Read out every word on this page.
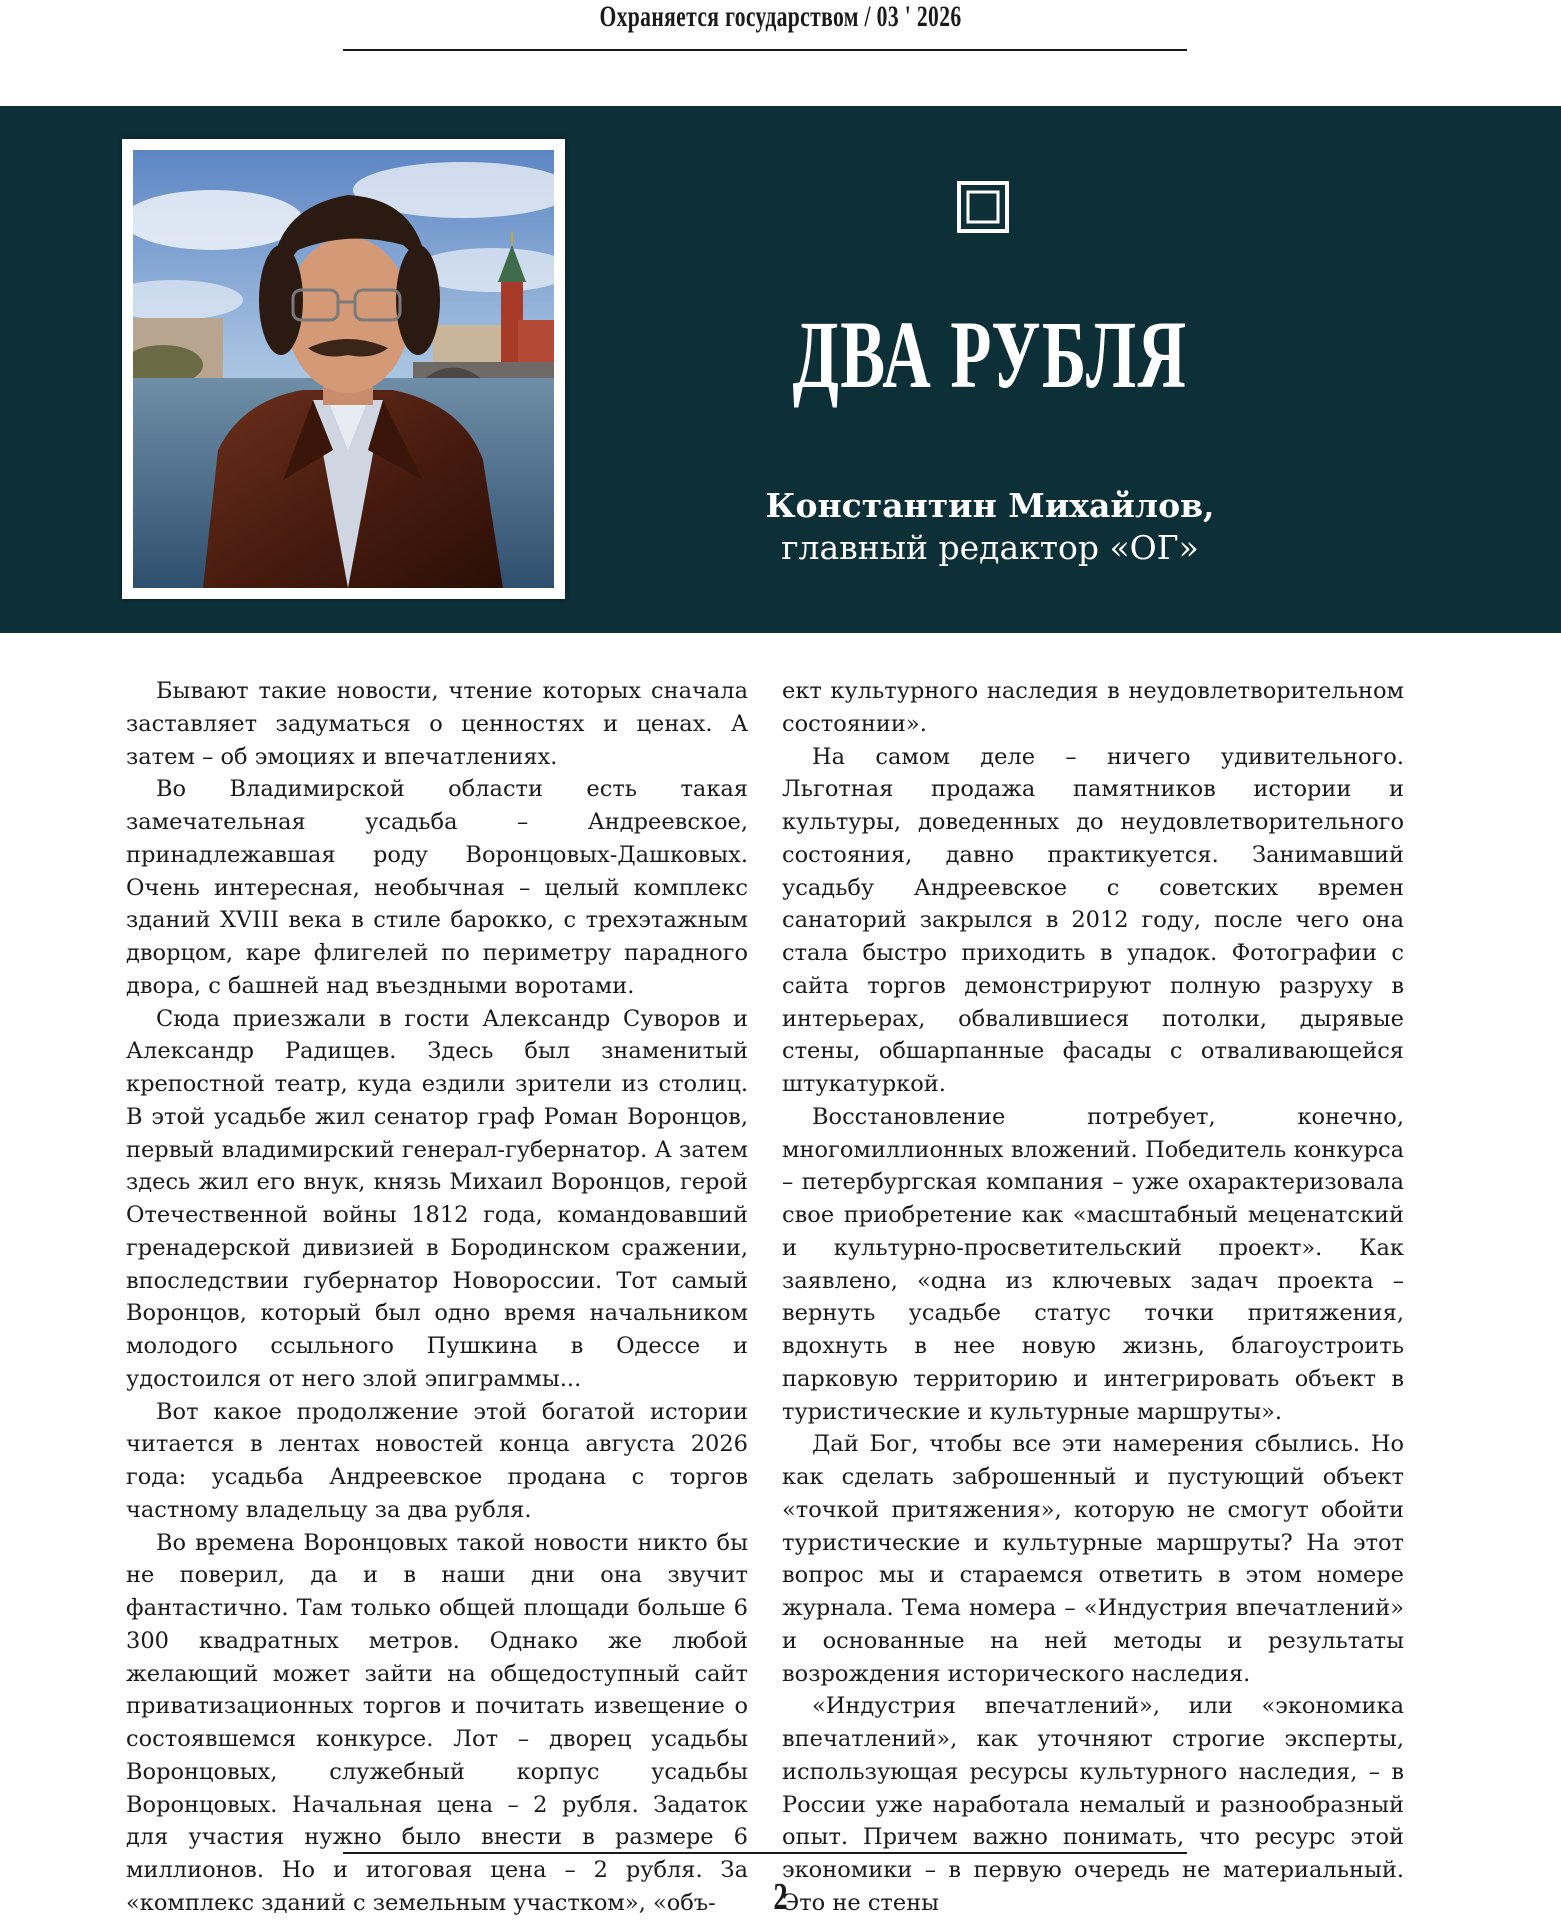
Охраняется государством / 03 ' 2026
ДВА РУБЛЯ
Константин Михайлов,
главный редактор «ОГ»

Бывают такие новости, чтение которых сначала заставляет задуматься о ценностях и ценах. А затем – об эмоциях и впечатлениях.

Во Владимирской области есть такая замечательная усадьба – Андреевское, принадлежавшая роду Воронцовых-Дашковых. Очень интересная, необычная – целый комплекс зданий XVIII века в стиле барокко, с трехэтажным дворцом, каре флигелей по периметру парадного двора, с башней над въездными воротами.

Сюда приезжали в гости Александр Суворов и Александр Радищев. Здесь был знаменитый крепостной театр, куда ездили зрители из столиц. В этой усадьбе жил сенатор граф Роман Воронцов, первый владимирский генерал-губернатор. А затем здесь жил его внук, князь Михаил Воронцов, герой Отечественной войны 1812 года, командовавший гренадерской дивизией в Бородинском сражении, впоследствии губернатор Новороссии. Тот самый Воронцов, который был одно время начальником молодого ссыльного Пушкина в Одессе и удостоился от него злой эпиграммы...

Вот какое продолжение этой богатой истории читается в лентах новостей конца августа 2026 года: усадьба Андреевское продана с торгов частному владельцу за два рубля.

Во времена Воронцовых такой новости никто бы не поверил, да и в наши дни она звучит фантастично. Там только общей площади больше 6 300 квадратных метров. Однако же любой желающий может зайти на общедоступный сайт приватизационных торгов и почитать извещение о состоявшемся конкурсе. Лот – дворец усадьбы Воронцовых, служебный корпус усадьбы Воронцовых. Начальная цена – 2 рубля. Задаток для участия нужно было внести в размере 6 миллионов. Но и итоговая цена – 2 рубля. За «комплекс зданий с земельным участком», «объ-

ект культурного наследия в неудовлетворительном состоянии».

На самом деле – ничего удивительного. Льготная продажа памятников истории и культуры, доведенных до неудовлетворительного состояния, давно практикуется. Занимавший усадьбу Андреевское с советских времен санаторий закрылся в 2012 году, после чего она стала быстро приходить в упадок. Фотографии с сайта торгов демонстрируют полную разруху в интерьерах, обвалившиеся потолки, дырявые стены, обшарпанные фасады с отваливающейся штукатуркой.

Восстановление потребует, конечно, многомиллионных вложений. Победитель конкурса – петербургская компания – уже охарактеризовала свое приобретение как «масштабный меценатский и культурно-просветительский проект». Как заявлено, «одна из ключевых задач проекта – вернуть усадьбе статус точки притяжения, вдохнуть в нее новую жизнь, благоустроить парковую территорию и интегрировать объект в туристические и культурные маршруты».

Дай Бог, чтобы все эти намерения сбылись. Но как сделать заброшенный и пустующий объект «точкой притяжения», которую не смогут обойти туристические и культурные маршруты? На этот вопрос мы и стараемся ответить в этом номере журнала. Тема номера – «Индустрия впечатлений» и основанные на ней методы и результаты возрождения исторического наследия.

«Индустрия впечатлений», или «экономика впечатлений», как уточняют строгие эксперты, использующая ресурсы культурного наследия, – в России уже наработала немалый и разнообразный опыт. Причем важно понимать, что ресурс этой экономики – в первую очередь не материальный. Это не стены

2
